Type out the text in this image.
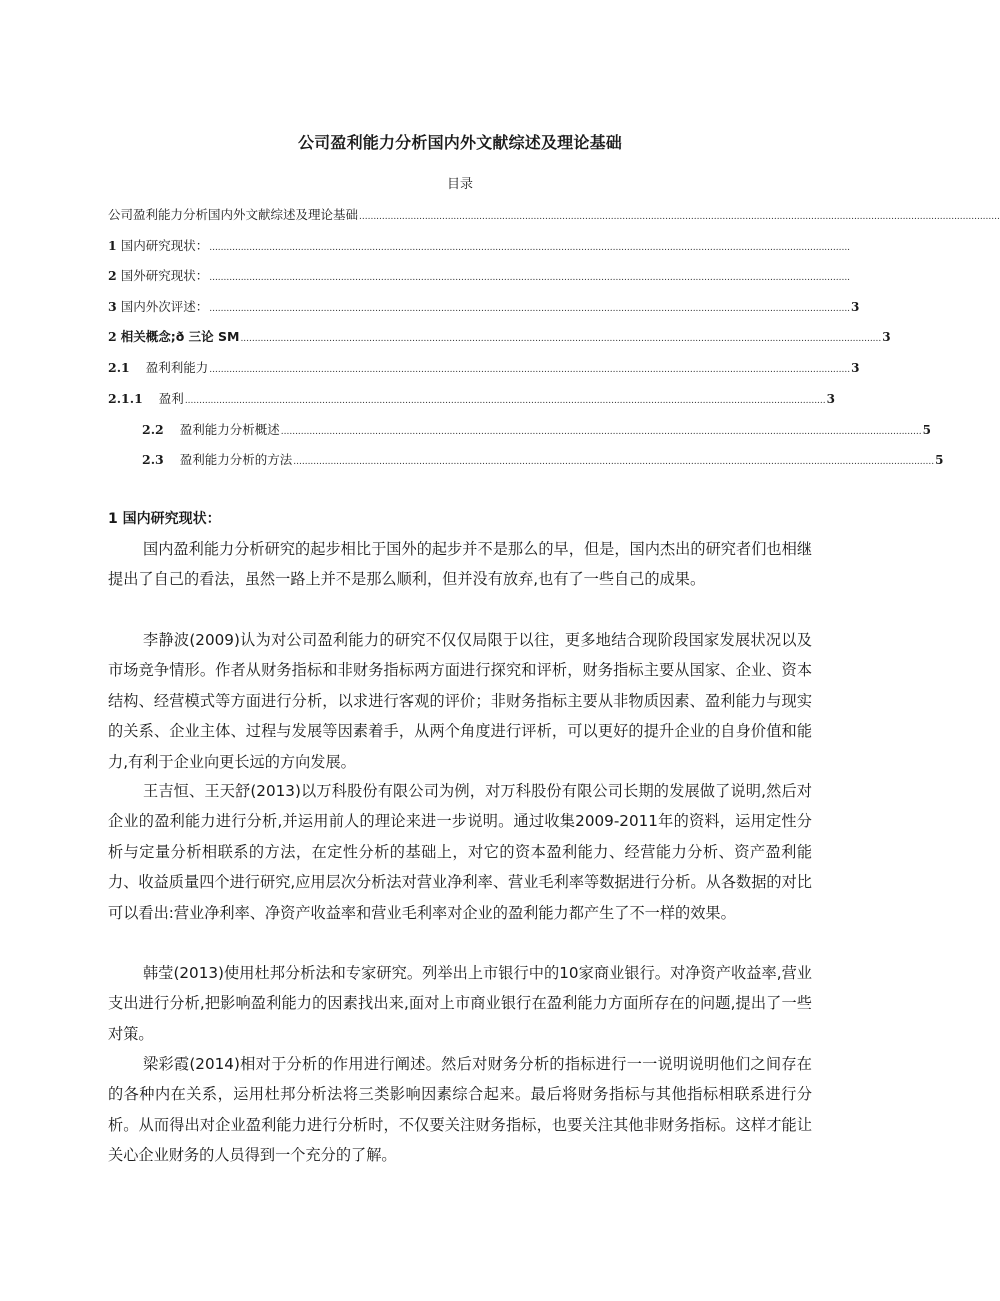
公司盈利能力分析国内外文献综述及理论基础
目录
公司盈利能力分析国内外文献综述及理论基础 ................................................................................................................................................................................................................................
1 国内研究现状： ................................................................................................................................................................................................................................
2 国外研究现状： ................................................................................................................................................................................................................................
3 国内外次评述： ................................................................................................................................................................................................................................ 3
2 相关概念;ð 三论 SM ................................................................................................................................................................................................................................ 3
2.1 盈利利能力 ................................................................................................................................................................................................................................ 3
2.1.1 盈利 ................................................................................................................................................................................................................................ 3
2.2 盈利能力分析概述 ................................................................................................................................................................................................................................ 5
2.3 盈利能力分析的方法 ................................................................................................................................................................................................................................ 5
1 国内研究现状：

国内盈利能力分析研究的起步相比于国外的起步并不是那么的早，但是，国内杰出的研究者们也相继提出了自己的看法，虽然一路上并不是那么顺利，但并没有放弃,也有了一些自己的成果。

李静波(2009)认为对公司盈利能力的研究不仅仅局限于以往，更多地结合现阶段国家发展状况以及市场竞争情形。作者从财务指标和非财务指标两方面进行探究和评析，财务指标主要从国家、企业、资本结构、经营模式等方面进行分析，以求进行客观的评价；非财务指标主要从非物质因素、盈利能力与现实的关系、企业主体、过程与发展等因素着手，从两个角度进行评析，可以更好的提升企业的自身价值和能力,有利于企业向更长远的方向发展。

王吉恒、王天舒(2013)以万科股份有限公司为例，对万科股份有限公司长期的发展做了说明,然后对企业的盈利能力进行分析,并运用前人的理论来进一步说明。通过收集2009-2011年的资料，运用定性分析与定量分析相联系的方法，在定性分析的基础上，对它的资本盈利能力、经营能力分析、资产盈利能力、收益质量四个进行研究,应用层次分析法对营业净利率、营业毛利率等数据进行分析。从各数据的对比可以看出:营业净利率、净资产收益率和营业毛利率对企业的盈利能力都产生了不一样的效果。

韩莹(2013)使用杜邦分析法和专家研究。列举出上市银行中的10家商业银行。对净资产收益率,营业支出进行分析,把影响盈利能力的因素找出来,面对上市商业银行在盈利能力方面所存在的问题,提出了一些对策。

梁彩霞(2014)相对于分析的作用进行阐述。然后对财务分析的指标进行一一说明说明他们之间存在的各种内在关系，运用杜邦分析法将三类影响因素综合起来。最后将财务指标与其他指标相联系进行分析。从而得出对企业盈利能力进行分析时，不仅要关注财务指标，也要关注其他非财务指标。这样才能让关心企业财务的人员得到一个充分的了解。
